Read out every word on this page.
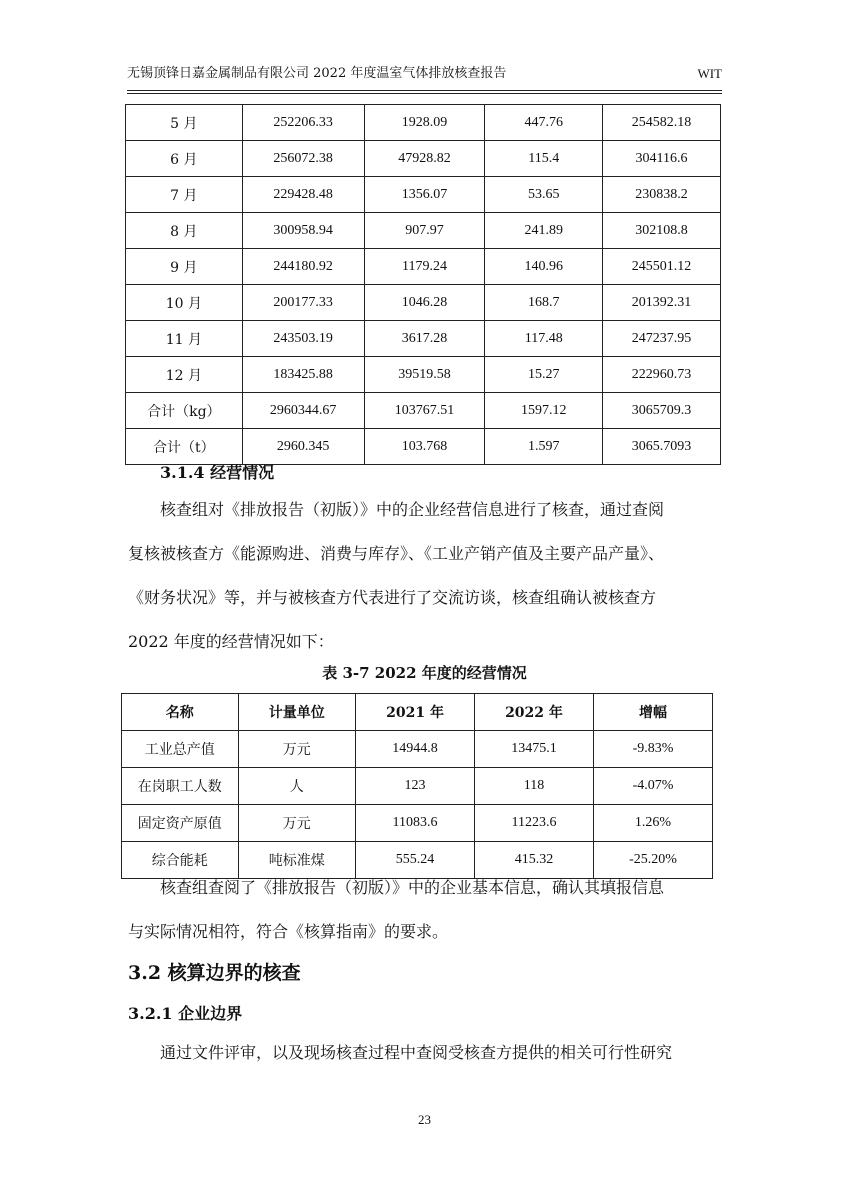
无锡顶锋日嘉金属制品有限公司 2022 年度温室气体排放核查报告	WIT
5 月	252206.33	1928.09	447.76	254582.18
6 月	256072.38	47928.82	115.4	304116.6
7 月	229428.48	1356.07	53.65	230838.2
8 月	300958.94	907.97	241.89	302108.8
9 月	244180.92	1179.24	140.96	245501.12
10 月	200177.33	1046.28	168.7	201392.31
11 月	243503.19	3617.28	117.48	247237.95
12 月	183425.88	39519.58	15.27	222960.73
合计（kg）	2960344.67	103767.51	1597.12	3065709.3
合计（t）	2960.345	103.768	1.597	3065.7093
3.1.4 经营情况
核查组对《排放报告（初版）》中的企业经营信息进行了核查，通过查阅
复核被核查方《能源购进、消费与库存》、《工业产销产值及主要产品产量》、
《财务状况》等，并与被核查方代表进行了交流访谈，核查组确认被核查方
2022 年度的经营情况如下：
表 3-7 2022 年度的经营情况
名称	计量单位	2021 年	2022 年	增幅
工业总产值	万元	14944.8	13475.1	-9.83%
在岗职工人数	人	123	118	-4.07%
固定资产原值	万元	11083.6	11223.6	1.26%
综合能耗	吨标准煤	555.24	415.32	-25.20%
核查组查阅了《排放报告（初版）》中的企业基本信息，确认其填报信息
与实际情况相符，符合《核算指南》的要求。
3.2 核算边界的核查
3.2.1 企业边界
通过文件评审，以及现场核查过程中查阅受核查方提供的相关可行性研究
23
